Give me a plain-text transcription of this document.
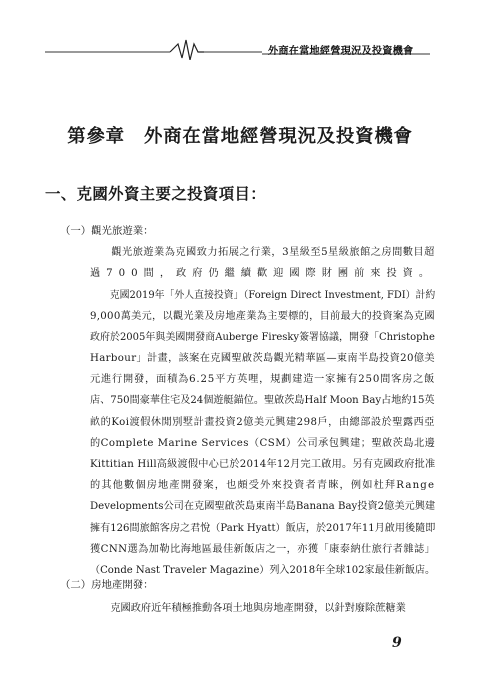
外商在當地經營現況及投資機會
第參章　外商在當地經營現況及投資機會
一、克國外資主要之投資項目：
（一）觀光旅遊業：
　　觀光旅遊業為克國致力拓展之行業，3星級至5星級旅館之房間數目超
過700間，政府仍繼續歡迎國際財團前來投資。
　　克國2019年「外人直接投資」（Foreign Direct Investment, FDI）計約
9,000萬美元，以觀光業及房地產業為主要標的，目前最大的投資案為克國
政府於2005年與美國開發商Auberge Firesky簽署協議，開發「Christophe
Harbour」計畫，該案在克國聖啟茨島觀光精華區—東南半島投資20億美
元進行開發，面積為6.25平方英哩，規劃建造一家擁有250間客房之飯
店、750間豪華住宅及24個遊艇錨位。聖啟茨島Half Moon Bay占地約15英
畝的Koi渡假休閒別墅計畫投資2億美元興建298戶，由總部設於聖露西亞
的Complete Marine Services（CSM）公司承包興建；聖啟茨島北邊
Kittitian Hill高級渡假中心已於2014年12月完工啟用。另有克國政府批准
的其他數個房地產開發案，也頗受外來投資者青睞，例如杜拜Range
Developments公司在克國聖啟茨島東南半島Banana Bay投資2億美元興建
擁有126間旅館客房之君悅（Park Hyatt）飯店，於2017年11月啟用後隨即
獲CNN選為加勒比海地區最佳新飯店之一，亦獲「康泰納仕旅行者雜誌」
（Conde Nast Traveler Magazine）列入2018年全球102家最佳新飯店。
　　克國政府近年積極推動各項土地與房地產開發，以針對廢除蔗糖業
（二）房地產開發：
9
